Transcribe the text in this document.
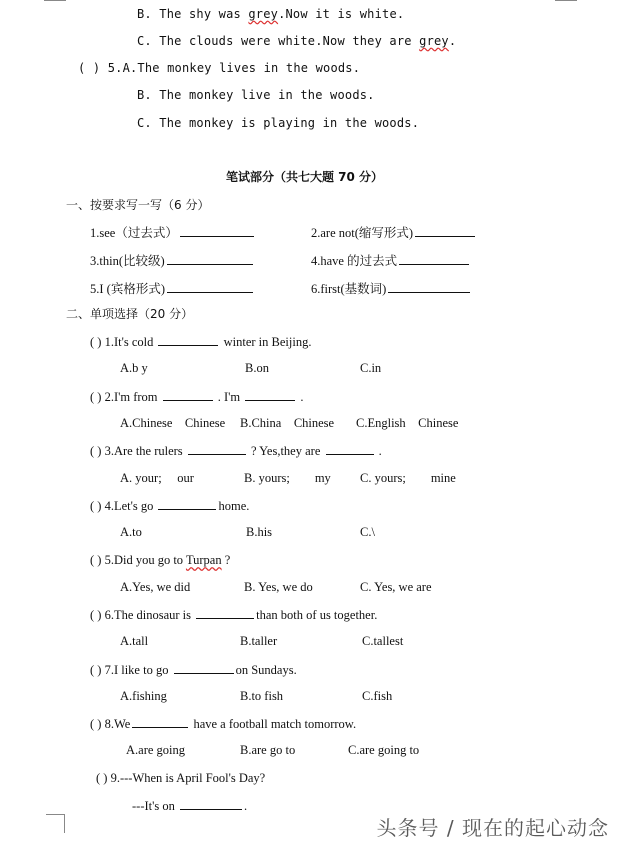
B. The shy was grey.Now it is white.
C. The clouds were white.Now they are grey.
( ) 5.A.The monkey lives in the woods.
B. The monkey live in the woods.
C. The monkey is playing in the woods.
笔试部分（共七大题 70 分）
一、按要求写一写（6 分）
1.see（过去式）	2.are not(缩写形式)
3.thin(比较级)	4.have 的过去式
5.I (宾格形式)	6.first(基数词)
二、单项选择（20 分）
( ) 1.It's cold	winter in Beijing.
A.b y	B.on	C.in
( ) 2.I'm from	. I'm	.
A.Chinese    Chinese B.China    Chinese C.English    Chinese
( ) 3.Are the rulers	? Yes,they are	.
A. your;     our	B. yours;        my C. yours;        mine
( ) 4.Let's go	home.
A.to	B.his	C.\
( ) 5.Did you go to Turpan ?
A.Yes, we did	B. Yes, we do	C. Yes, we are
( ) 6.The dinosaur is	than both of us together.
A.tall	B.taller	C.tallest
( ) 7.I like to go	on Sundays.
A.fishing	B.to fish	C.fish
( ) 8.We	have a football match tomorrow.
A.are going	B.are go to	C.are going to
( ) 9.---When is April Fool's Day?
---It's on	.
头条号 / 现在的起心动念
